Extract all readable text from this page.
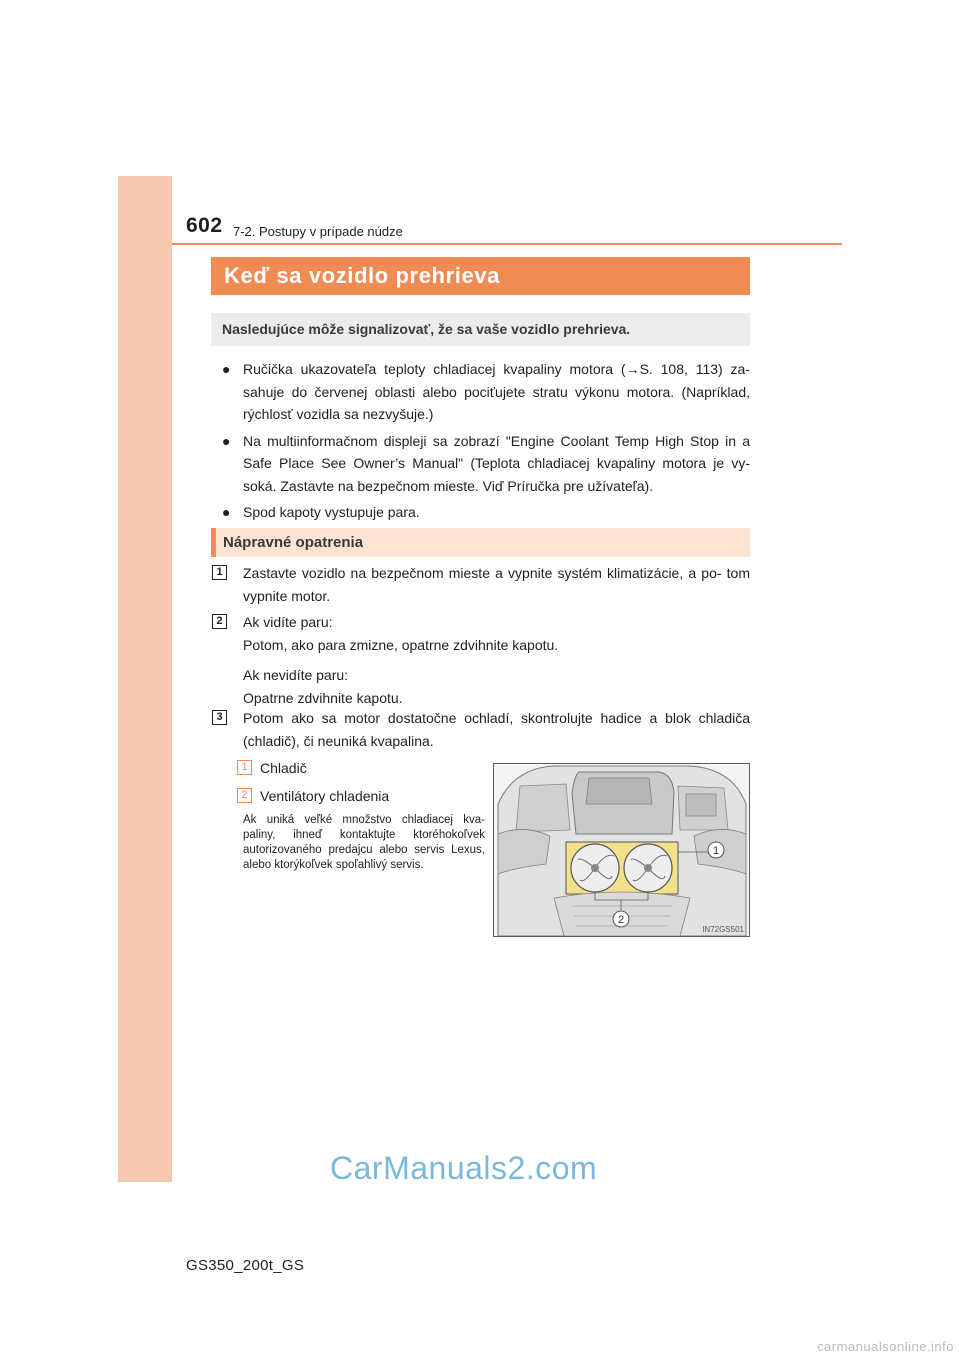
602 7-2. Postupy v prípade núdze
Keď sa vozidlo prehrieva
Nasledujúce môže signalizovať, že sa vaše vozidlo prehrieva.
● Ručička ukazovateľa teploty chladiacej kvapaliny motora (→S. 108, 113) za- sahuje do červenej oblasti alebo pociťujete stratu výkonu motora. (Napríklad, rýchlosť vozidla sa nezvyšuje.)
● Na multiinformačnom displeji sa zobrazí "Engine Coolant Temp High Stop in a Safe Place See Owner’s Manual" (Teplota chladiacej kvapaliny motora je vy- soká. Zastavte na bezpečnom mieste. Viď Príručka pre užívateľa).
● Spod kapoty vystupuje para.
Nápravné opatrenia
1	Zastavte vozidlo na bezpečnom mieste a vypnite systém klimatizácie, a po- tom vypnite motor.
2	Ak vidíte paru:

Potom, ako para zmizne, opatrne zdvihnite kapotu.

Ak nevidíte paru:

Opatrne zdvihnite kapotu.

3	Potom ako sa motor dostatočne ochladí, skontrolujte hadice a blok chladiča (chladič), či neuniká kvapalina.
1 Chladič
2 Ventilátory chladenia
Ak uniká veľké množstvo chladiacej kva- paliny, ihneď kontaktujte ktoréhokoľvek autorizovaného predajcu alebo servis Lexus, alebo ktorýkoľvek spoľahlivý servis.
1
2
IN72GS501
GS350_200t_GS
CarManuals2.com
carmanualsonline.info
